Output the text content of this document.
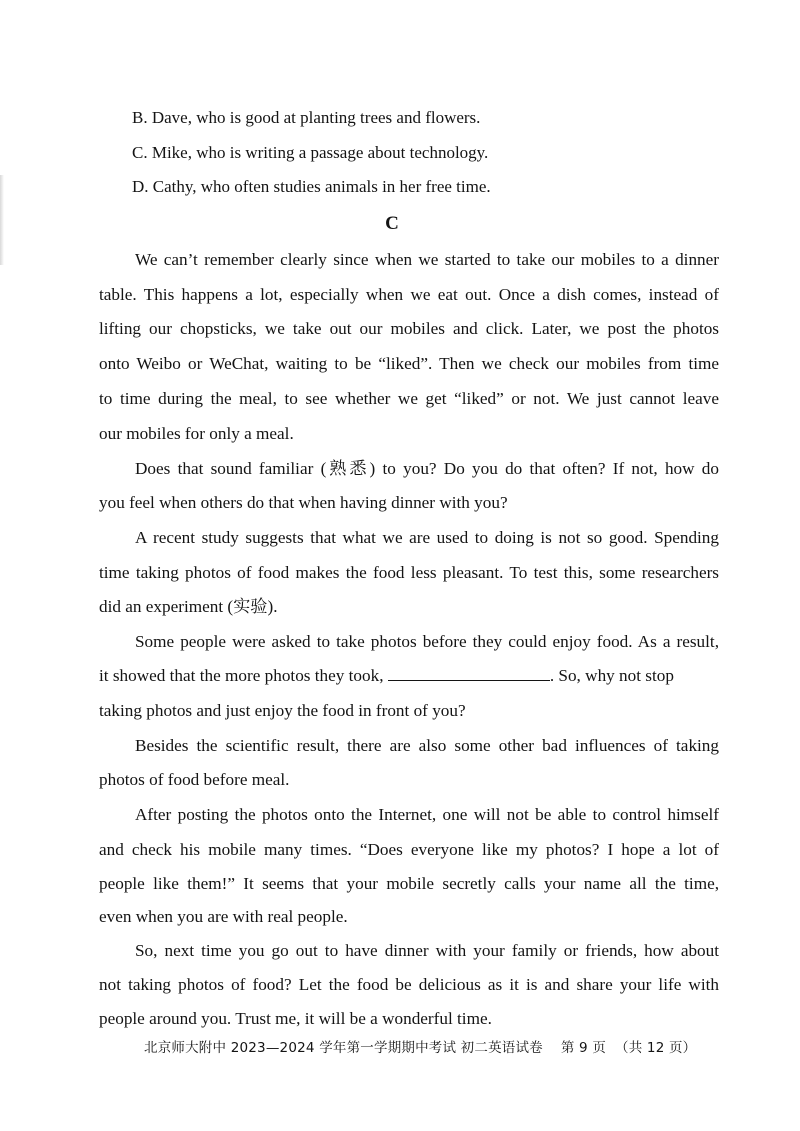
B. Dave, who is good at planting trees and flowers.
C. Mike, who is writing a passage about technology.
D. Cathy, who often studies animals in her free time.
C
We can’t remember clearly since when we started to take our mobiles to a dinner
table. This happens a lot, especially when we eat out. Once a dish comes, instead of
lifting our chopsticks, we take out our mobiles and click. Later, we post the photos
onto Weibo or WeChat, waiting to be “liked”. Then we check our mobiles from time
to time during the meal, to see whether we get “liked” or not. We just cannot leave
our mobiles for only a meal.
Does that sound familiar (熟悉) to you? Do you do that often? If not, how do
you feel when others do that when having dinner with you?
A recent study suggests that what we are used to doing is not so good. Spending
time taking photos of food makes the food less pleasant. To test this, some researchers
did an experiment (实验).
Some people were asked to take photos before they could enjoy food. As a result,
it showed that the more photos they took,	. So, why not stop
taking photos and just enjoy the food in front of you?
Besides the scientific result, there are also some other bad influences of taking
photos of food before meal.
After posting the photos onto the Internet, one will not be able to control himself
and check his mobile many times. “Does everyone like my photos? I hope a lot of
people like them!” It seems that your mobile secretly calls your name all the time,
even when you are with real people.
So, next time you go out to have dinner with your family or friends, how about
not taking photos of food? Let the food be delicious as it is and share your life with
people around you. Trust me, it will be a wonderful time.
北京师大附中 2023—2024 学年第一学期期中考试 初二英语试卷 第 9 页 （共 12 页）
